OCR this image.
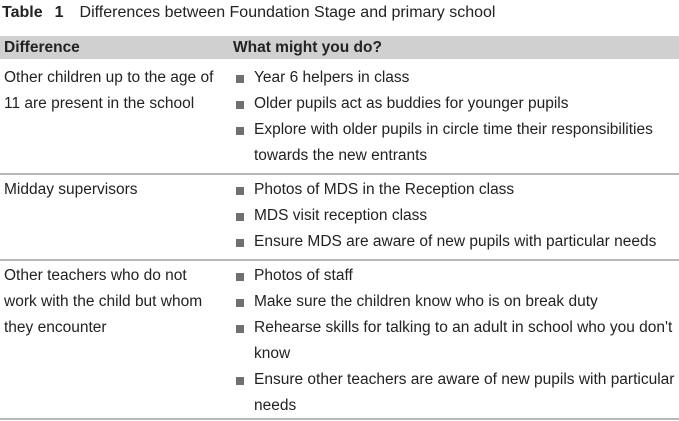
Table 1 Differences between Foundation Stage and primary school
Difference	What might you do?
Other children up to the age of 11 are present in the school
Year 6 helpers in class
Older pupils act as buddies for younger pupils
Explore with older pupils in circle time their responsibilities towards the new entrants
Midday supervisors	Photos of MDS in the Reception class
MDS visit reception class
Ensure MDS are aware of new pupils with particular needs
Other teachers who do not work with the child but whom they encounter
Photos of staff
Make sure the children know who is on break duty
Rehearse skills for talking to an adult in school who you don't know
Ensure other teachers are aware of new pupils with particular needs
